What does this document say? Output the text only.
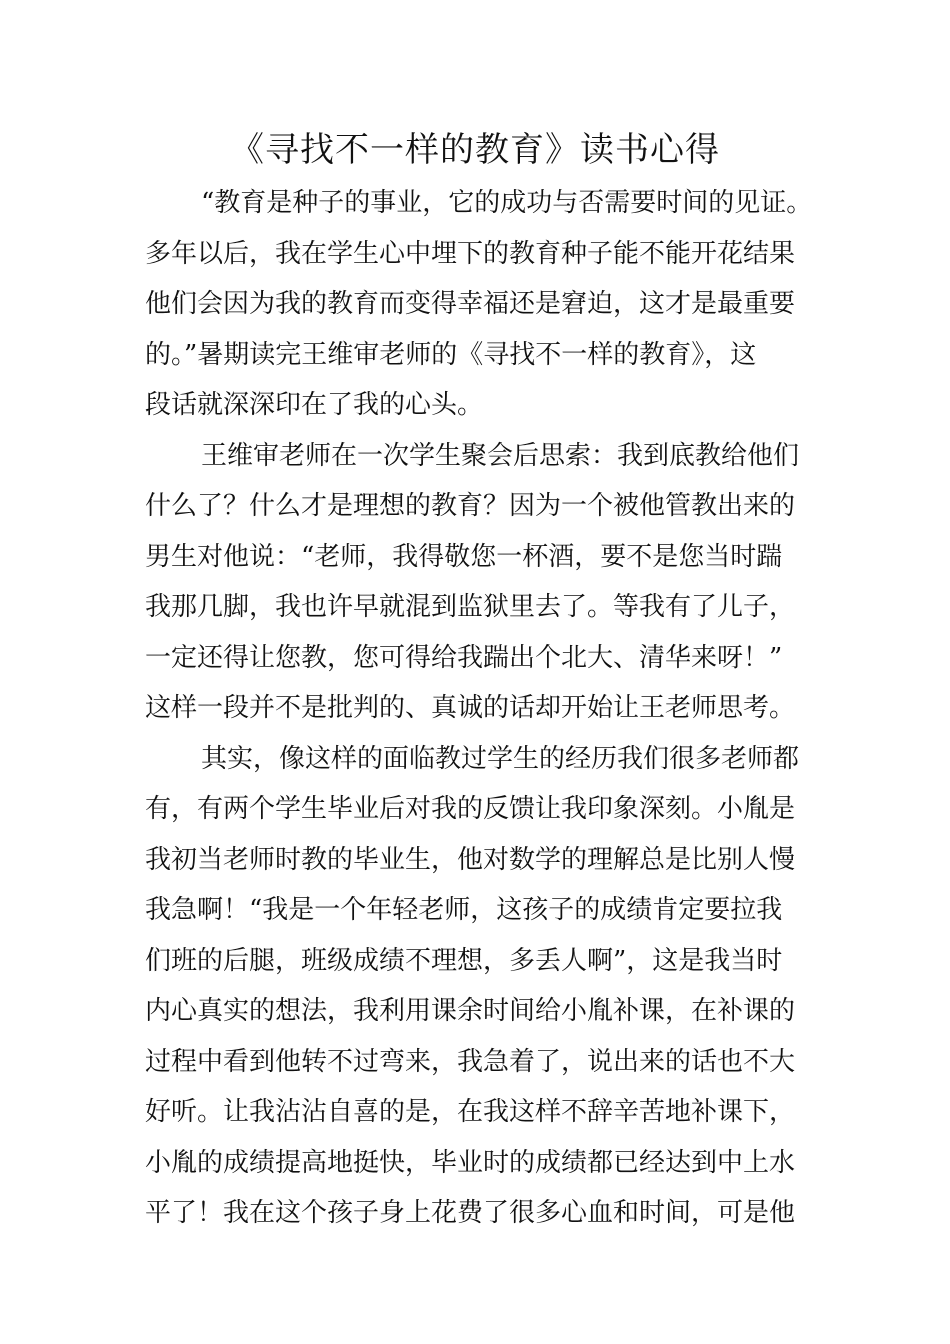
《寻找不一样的教育》读书心得
“教育是种子的事业，它的成功与否需要时间的见证。
多年以后，我在学生心中埋下的教育种子能不能开花结果
他们会因为我的教育而变得幸福还是窘迫，这才是最重要
的。”暑期读完王维审老师的《寻找不一样的教育》，这
段话就深深印在了我的心头。
王维审老师在一次学生聚会后思索：我到底教给他们
什么了？什么才是理想的教育？因为一个被他管教出来的
男生对他说：“老师，我得敬您一杯酒，要不是您当时踹
我那几脚，我也许早就混到监狱里去了。等我有了儿子，
一定还得让您教，您可得给我踹出个北大、清华来呀！”
这样一段并不是批判的、真诚的话却开始让王老师思考。
其实，像这样的面临教过学生的经历我们很多老师都
有，有两个学生毕业后对我的反馈让我印象深刻。小胤是
我初当老师时教的毕业生，他对数学的理解总是比别人慢
我急啊！“我是一个年轻老师，这孩子的成绩肯定要拉我
们班的后腿，班级成绩不理想，多丢人啊”，这是我当时
内心真实的想法，我利用课余时间给小胤补课，在补课的
过程中看到他转不过弯来，我急着了，说出来的话也不大
好听。让我沾沾自喜的是，在我这样不辞辛苦地补课下，
小胤的成绩提高地挺快，毕业时的成绩都已经达到中上水
平了！我在这个孩子身上花费了很多心血和时间，可是他
